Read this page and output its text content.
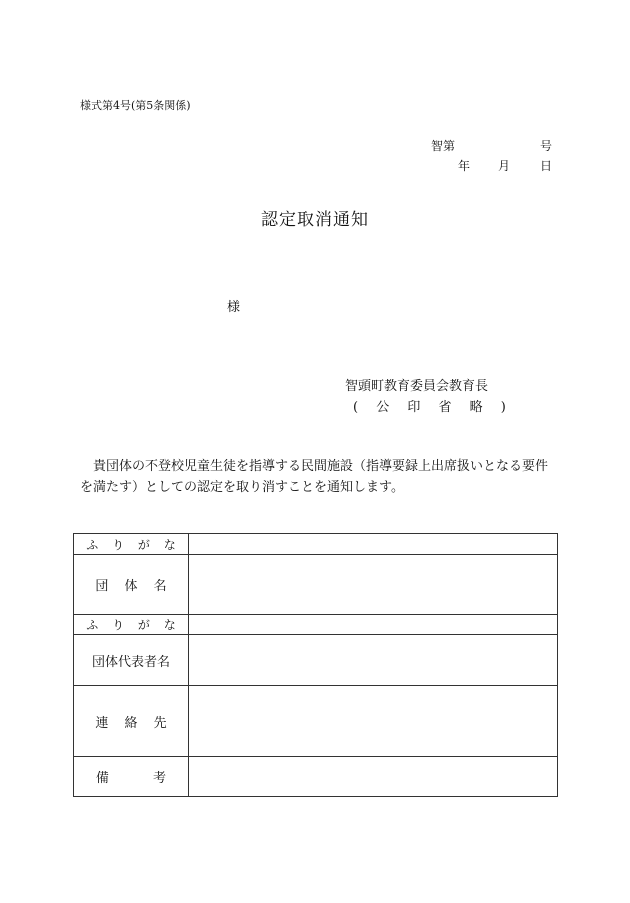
様式第4号(第5条関係)
智第	号
年 月 日
認定取消通知
様
智頭町教育委員会教育長
( 公 印 省 略 )
貴団体の不登校児童生徒を指導する民間施設（指導要録上出席扱いとなる要件を満たす）としての認定を取り消すことを通知します。
ふ り が な	
団 体 名	
ふ り が な	
団体代表者名	
連 絡 先	
備 考	
